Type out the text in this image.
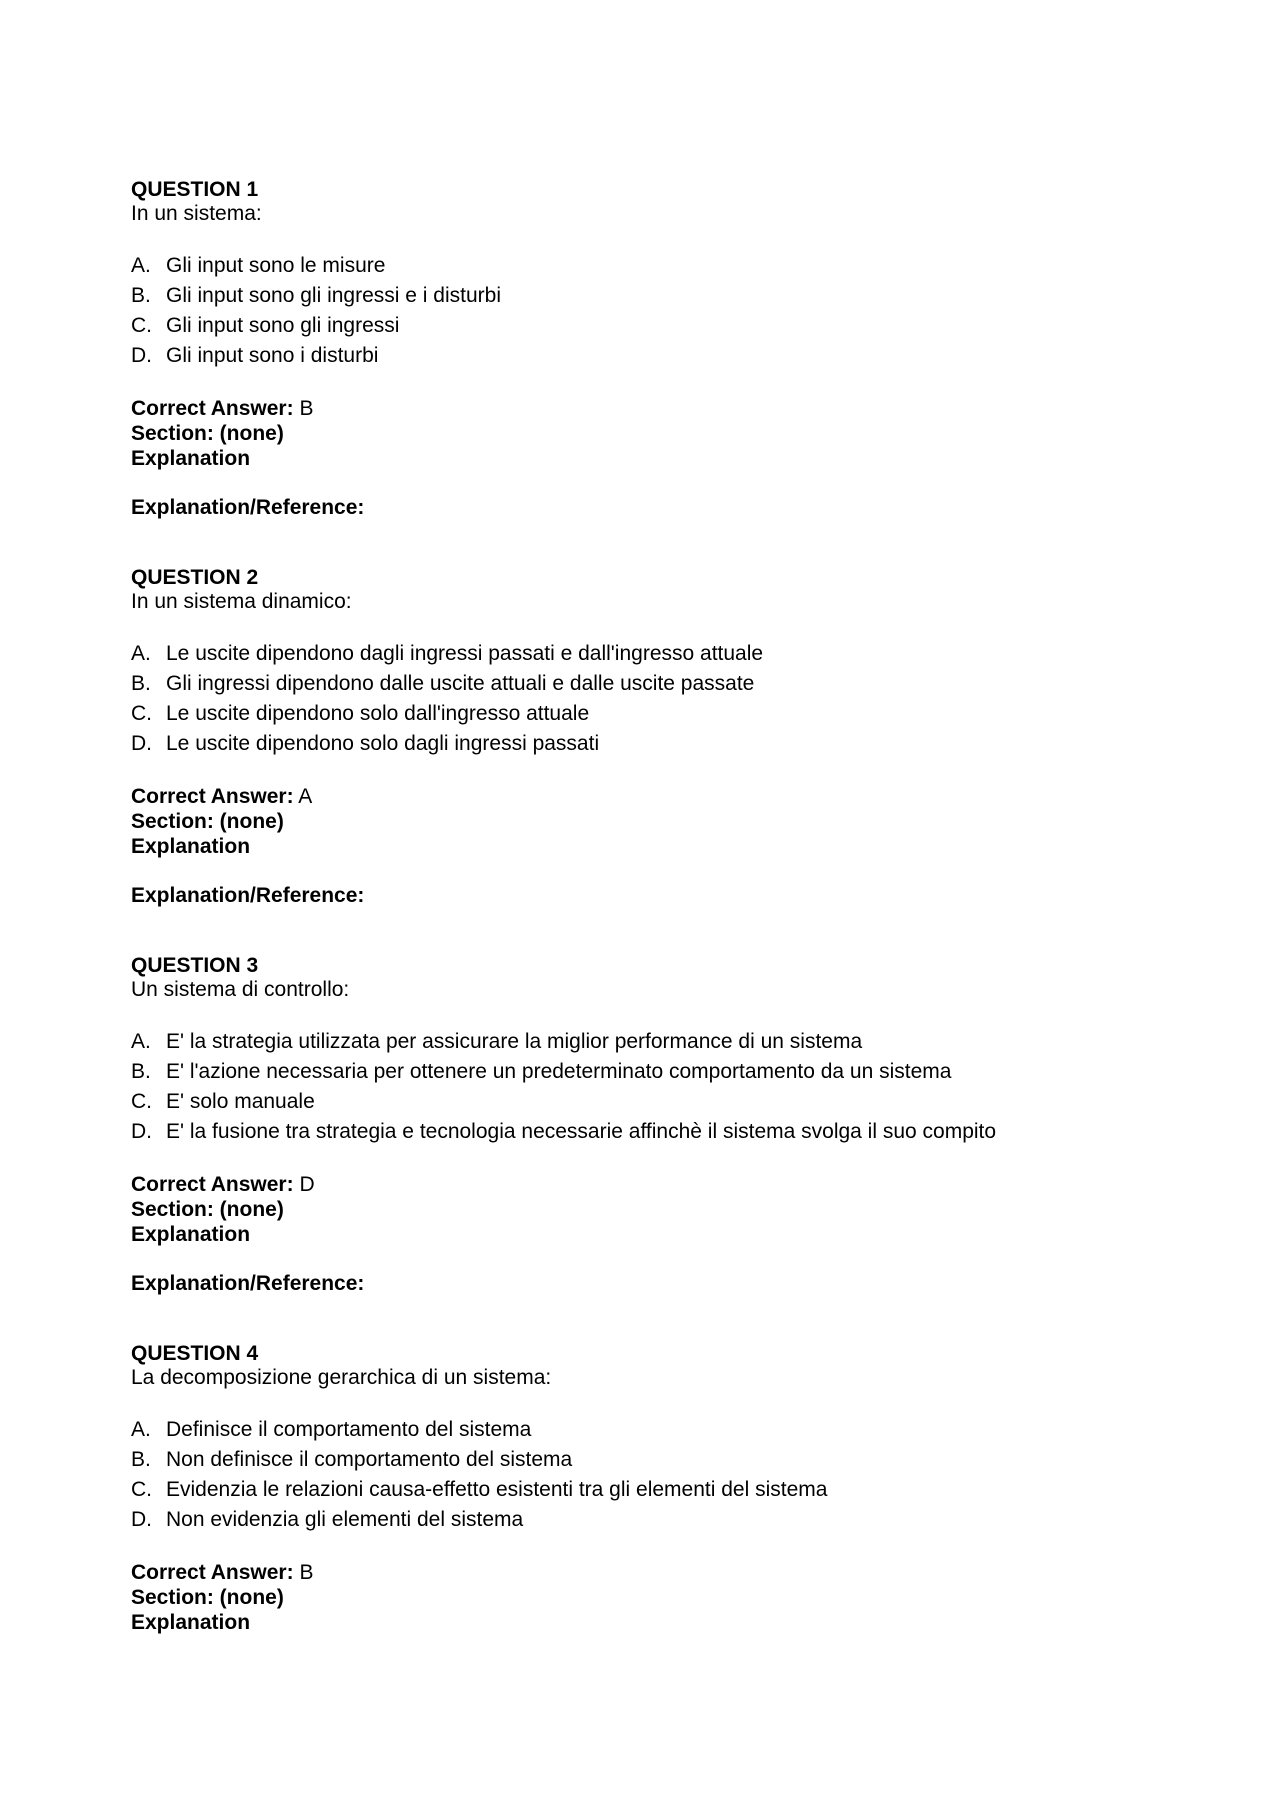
QUESTION 1
In un sistema:
A. Gli input sono le misure
B. Gli input sono gli ingressi e i disturbi
C. Gli input sono gli ingressi
D. Gli input sono i disturbi
Correct Answer: B
Section: (none)
Explanation
Explanation/Reference:
QUESTION 2
In un sistema dinamico:
A. Le uscite dipendono dagli ingressi passati e dall'ingresso attuale
B. Gli ingressi dipendono dalle uscite attuali e dalle uscite passate
C. Le uscite dipendono solo dall'ingresso attuale
D. Le uscite dipendono solo dagli ingressi passati
Correct Answer: A
Section: (none)
Explanation
Explanation/Reference:
QUESTION 3
Un sistema di controllo:
A. E' la strategia utilizzata per assicurare la miglior performance di un sistema
B. E' l'azione necessaria per ottenere un predeterminato comportamento da un sistema
C. E' solo manuale
D. E' la fusione tra strategia e tecnologia necessarie affinchè il sistema svolga il suo compito
Correct Answer: D
Section: (none)
Explanation
Explanation/Reference:
QUESTION 4
La decomposizione gerarchica di un sistema:
A. Definisce il comportamento del sistema
B. Non definisce il comportamento del sistema
C. Evidenzia le relazioni causa-effetto esistenti tra gli elementi del sistema
D. Non evidenzia gli elementi del sistema
Correct Answer: B
Section: (none)
Explanation
